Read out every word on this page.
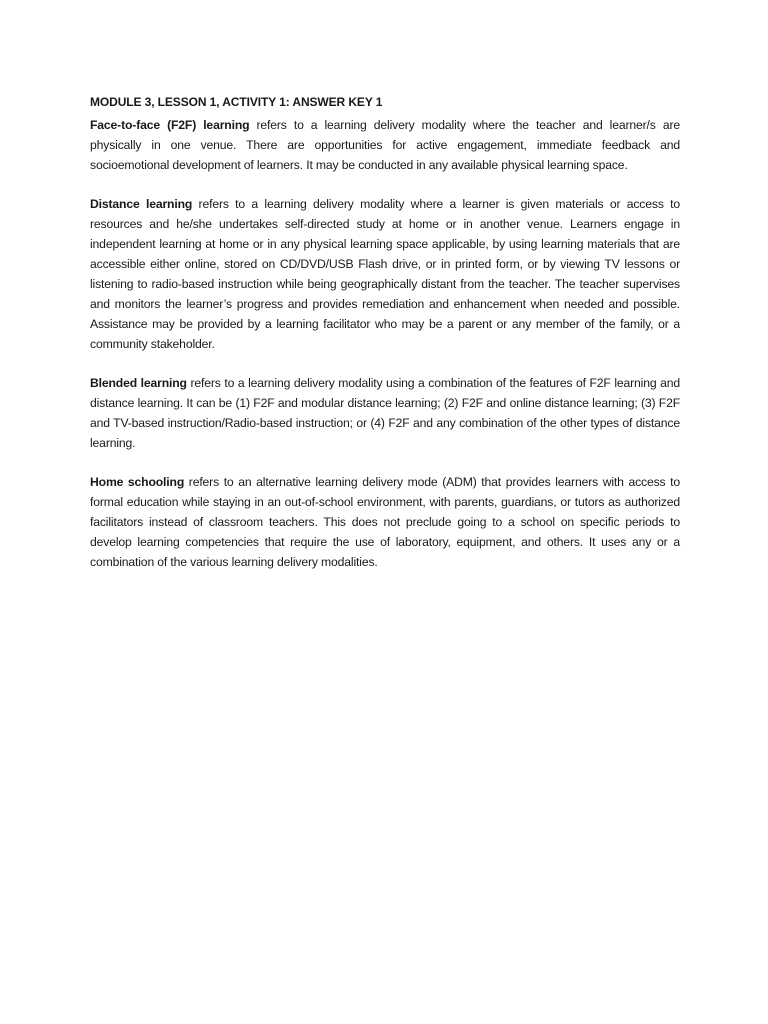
MODULE 3, LESSON 1, ACTIVITY 1: ANSWER KEY 1

Face-to-face (F2F) learning refers to a learning delivery modality where the teacher and learner/s are physically in one venue. There are opportunities for active engagement, immediate feedback and socioemotional development of learners. It may be conducted in any available physical learning space.

Distance learning refers to a learning delivery modality where a learner is given materials or access to resources and he/she undertakes self-directed study at home or in another venue. Learners engage in independent learning at home or in any physical learning space applicable, by using learning materials that are accessible either online, stored on CD/DVD/USB Flash drive, or in printed form, or by viewing TV lessons or listening to radio-based instruction while being geographically distant from the teacher. The teacher supervises and monitors the learner’s progress and provides remediation and enhancement when needed and possible. Assistance may be provided by a learning facilitator who may be a parent or any member of the family, or a community stakeholder.

Blended learning refers to a learning delivery modality using a combination of the features of F2F learning and distance learning. It can be (1) F2F and modular distance learning; (2) F2F and online distance learning; (3) F2F and TV-based instruction/Radio-based instruction; or (4) F2F and any combination of the other types of distance learning.

Home schooling refers to an alternative learning delivery mode (ADM) that provides learners with access to formal education while staying in an out-of-school environment, with parents, guardians, or tutors as authorized facilitators instead of classroom teachers. This does not preclude going to a school on specific periods to develop learning competencies that require the use of laboratory, equipment, and others. It uses any or a combination of the various learning delivery modalities.
